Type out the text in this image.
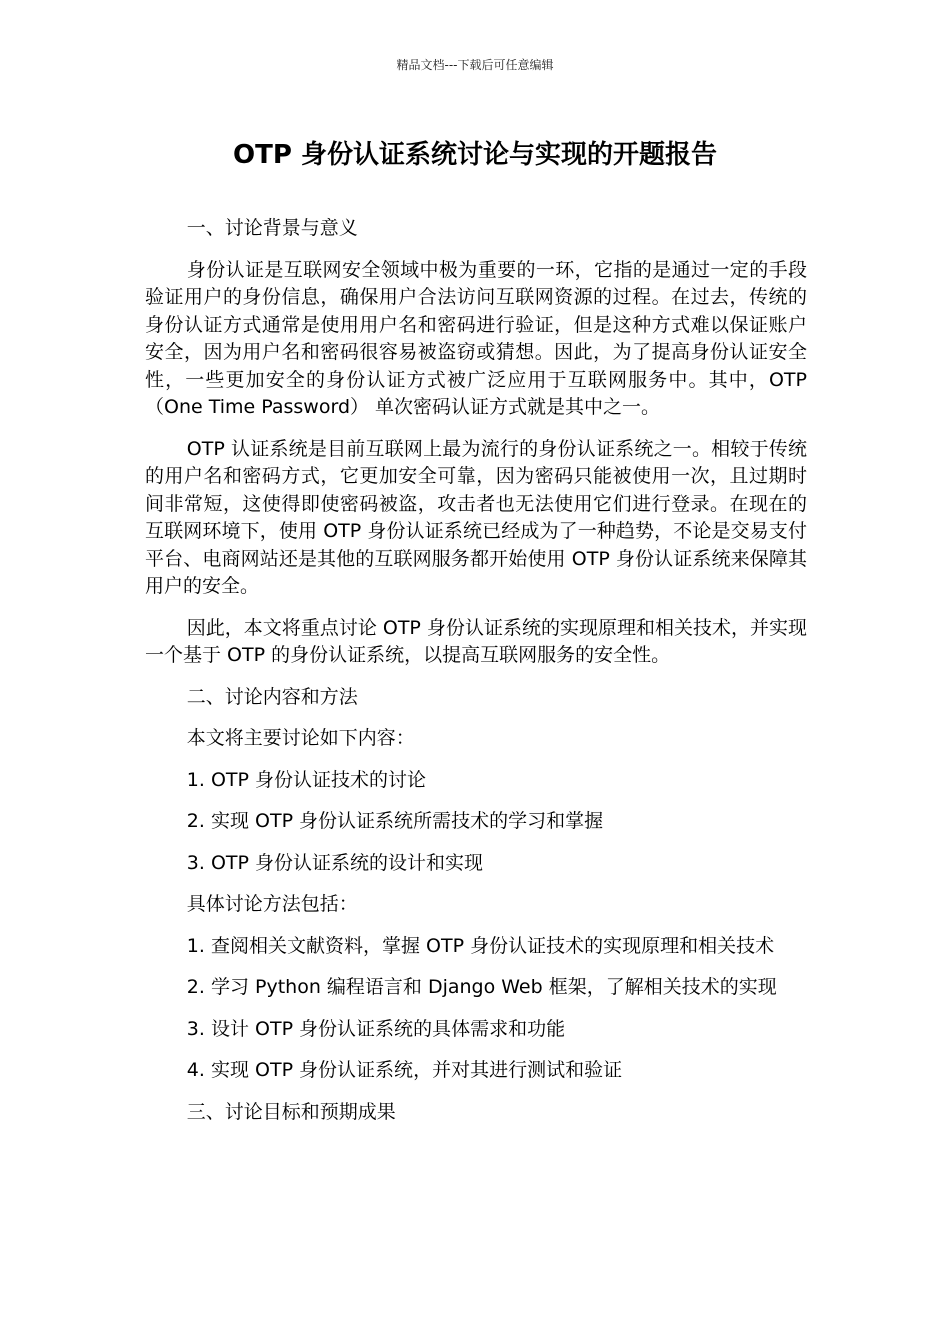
精品文档---下载后可任意编辑
OTP 身份认证系统讨论与实现的开题报告

一、讨论背景与意义

身份认证是互联网安全领域中极为重要的一环，它指的是通过一定的手段验证用户的身份信息，确保用户合法访问互联网资源的过程。在过去，传统的身份认证方式通常是使用用户名和密码进行验证，但是这种方式难以保证账户安全，因为用户名和密码很容易被盗窃或猜想。因此，为了提高身份认证安全性，一些更加安全的身份认证方式被广泛应用于互联网服务中。其中，OTP（One Time Password） 单次密码认证方式就是其中之一。

OTP 认证系统是目前互联网上最为流行的身份认证系统之一。相较于传统的用户名和密码方式，它更加安全可靠，因为密码只能被使用一次，且过期时间非常短，这使得即使密码被盗，攻击者也无法使用它们进行登录。在现在的互联网环境下，使用 OTP 身份认证系统已经成为了一种趋势，不论是交易支付平台、电商网站还是其他的互联网服务都开始使用 OTP 身份认证系统来保障其用户的安全。

因此，本文将重点讨论 OTP 身份认证系统的实现原理和相关技术，并实现一个基于 OTP 的身份认证系统，以提高互联网服务的安全性。

二、讨论内容和方法

本文将主要讨论如下内容：

1. OTP 身份认证技术的讨论

2. 实现 OTP 身份认证系统所需技术的学习和掌握

3. OTP 身份认证系统的设计和实现

具体讨论方法包括：

1. 查阅相关文献资料，掌握 OTP 身份认证技术的实现原理和相关技术

2. 学习 Python 编程语言和 Django Web 框架，了解相关技术的实现

3. 设计 OTP 身份认证系统的具体需求和功能

4. 实现 OTP 身份认证系统，并对其进行测试和验证

三、讨论目标和预期成果
